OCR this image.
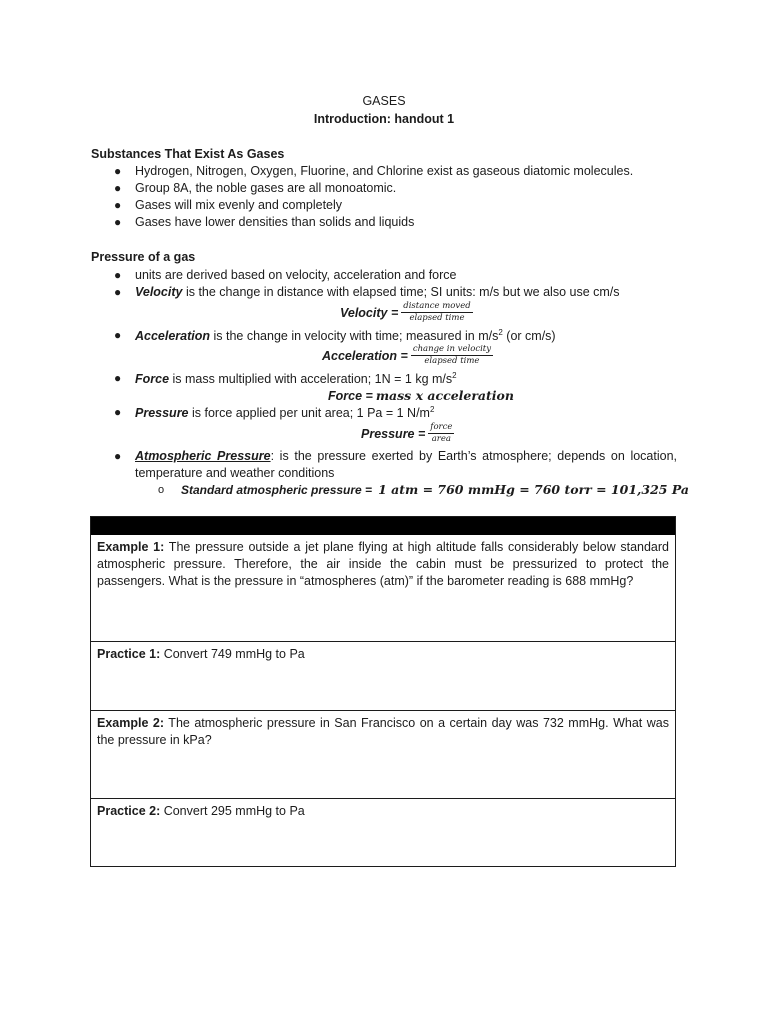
GASES
Introduction: handout 1
Substances That Exist As Gases
● Hydrogen, Nitrogen, Oxygen, Fluorine, and Chlorine exist as gaseous diatomic molecules.
● Group 8A, the noble gases are all monoatomic.
● Gases will mix evenly and completely
● Gases have lower densities than solids and liquids
Pressure of a gas
● units are derived based on velocity, acceleration and force
● Velocity is the change in distance with elapsed time; SI units: m/s but we also use cm/s
Velocity = $\frac{\text{distance moved}}{\text{elapsed time}}$
● Acceleration is the change in velocity with time; measured in $m/s^2$ (or cm/s)
Acceleration = $\frac{\text{change in velocity}}{\text{elapsed time}}$
● Force is mass multiplied with acceleration; 1N = 1 kg $m/s^2$
Force = mass x acceleration
● Pressure is force applied per unit area; 1 Pa = 1 $N/m^2$
Pressure = $\frac{\text{force}}{\text{area}}$
● Atmospheric Pressure: is the pressure exerted by Earth’s atmosphere; depends on location, temperature and weather conditions
o Standard atmospheric pressure = 1 atm = 760 mmHg = 760 torr = 101,325 Pa
Example 1: The pressure outside a jet plane flying at high altitude falls considerably below standard atmospheric pressure. Therefore, the air inside the cabin must be pressurized to protect the passengers. What is the pressure in “atmospheres (atm)” if the barometer reading is 688 mmHg?
Practice 1: Convert 749 mmHg to Pa
Example 2: The atmospheric pressure in San Francisco on a certain day was 732 mmHg. What was the pressure in kPa?
Practice 2: Convert 295 mmHg to Pa
